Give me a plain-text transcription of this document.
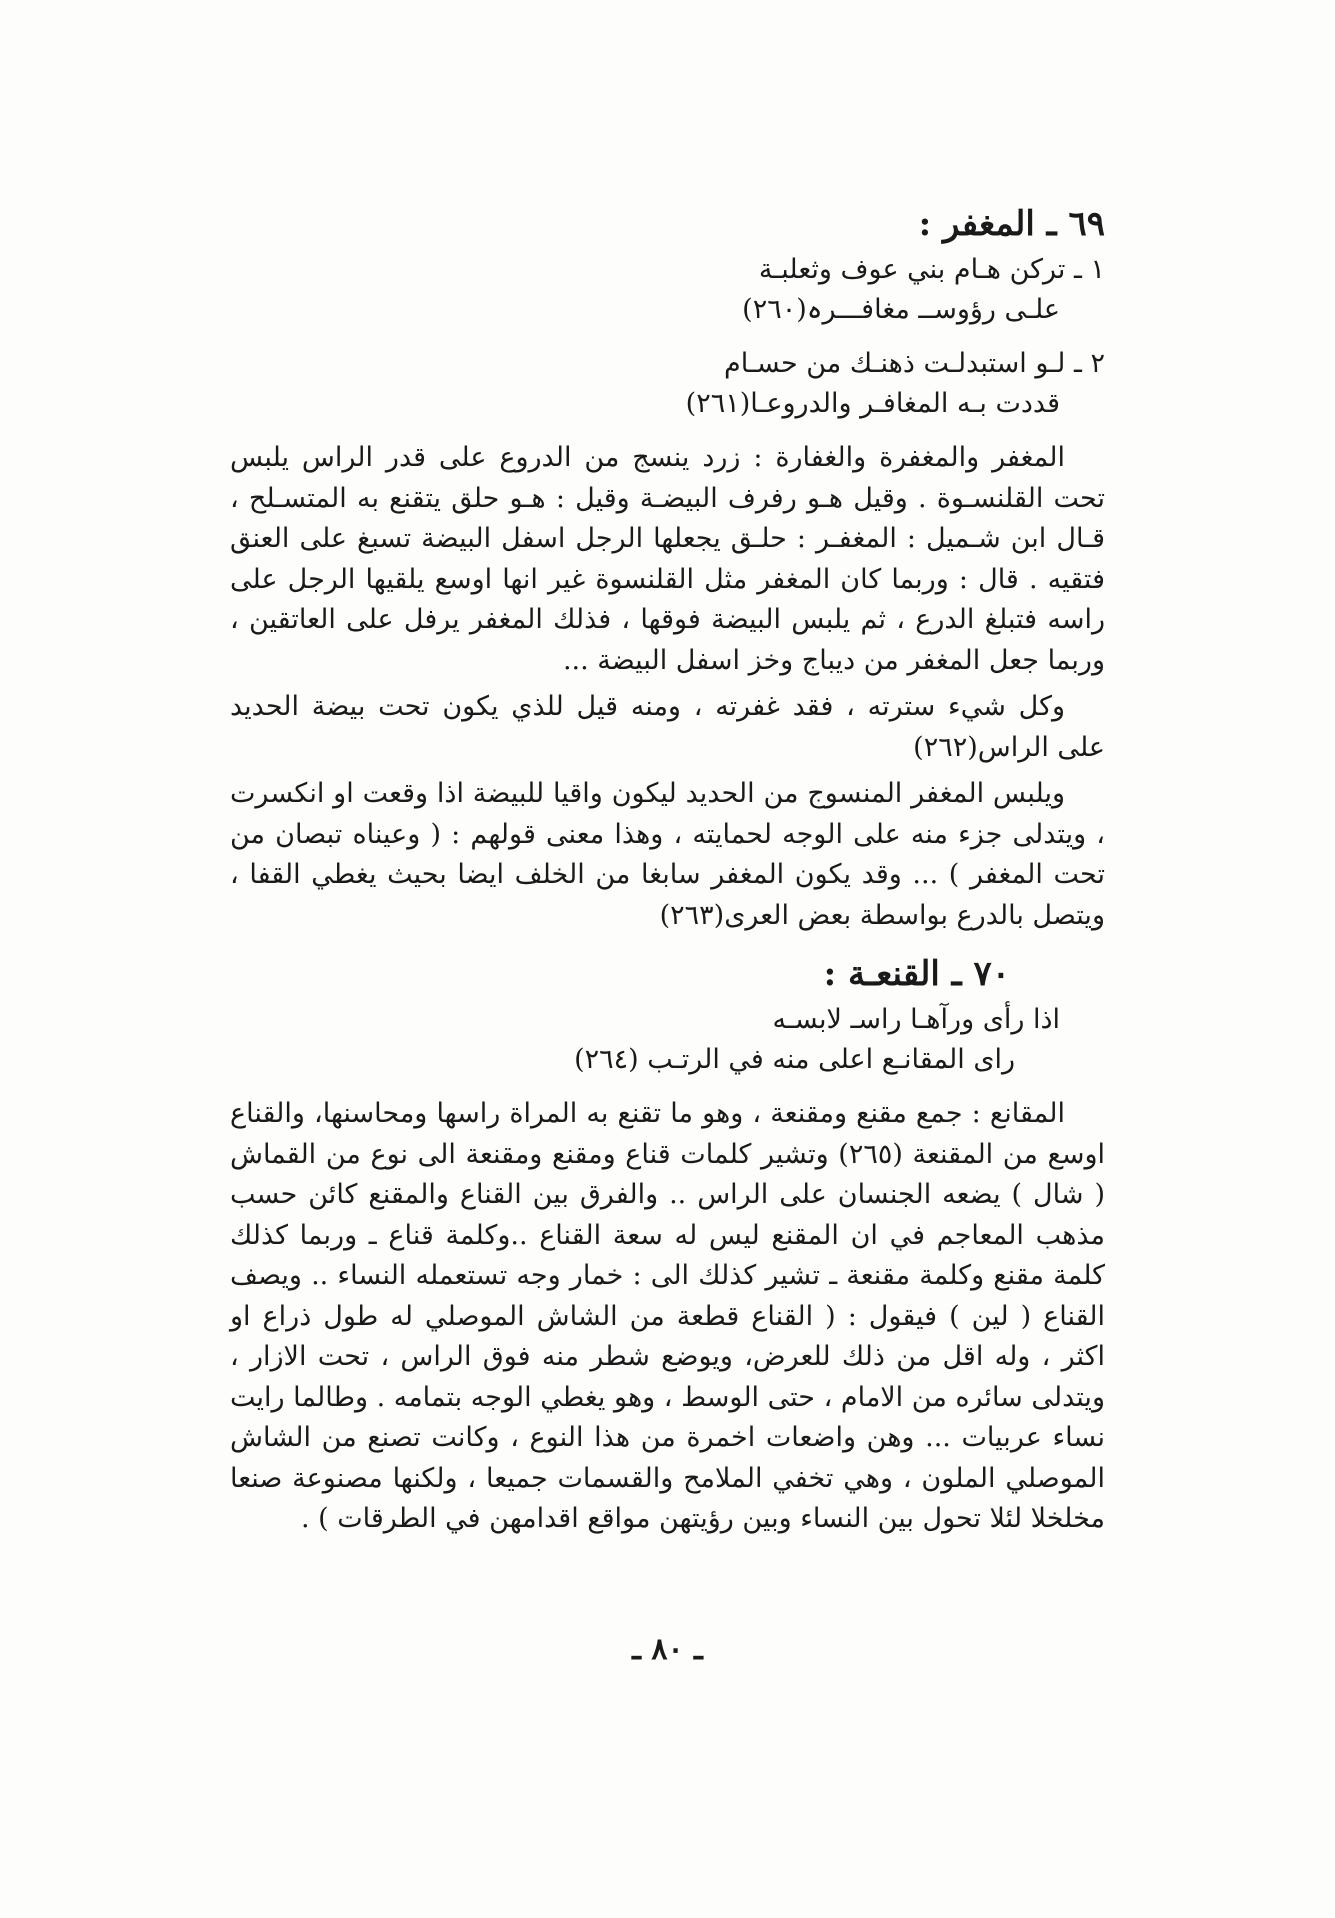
٦٩ ـ المغفر :
١ ـ تركن هـام بني عوف وثعلبـة
علـى رؤوســ مغافـــرہ(٢٦٠)
٢ ـ لـو استبدلـت ذهنـك من حسـام
قددت بـه المغافـر والدروعـا(٢٦١)

المغفر والمغفرة والغفارة : زرد ينسج من الدروع على قدر الراس يلبس تحت القلنسـوة . وقيل هـو رفرف البيضـة وقيل : هـو حلق يتقنع به المتسـلح ، قـال ابن شـميل : المغفـر : حلـق يجعلها الرجل اسفل البيضة تسبغ على العنق فتقيه . قال : وربما كان المغفر مثل القلنسوة غير انها اوسع يلقيها الرجل على راسه فتبلغ الدرع ، ثم يلبس البيضة فوقها ، فذلك المغفر يرفل على العاتقين ، وربما جعل المغفر من ديباج وخز اسفل البيضة ...

وكل شيء سترته ، فقد غفرته ، ومنه قيل للذي يكون تحت بيضة الحديد على الراس(٢٦٢)

ويلبس المغفر المنسوج من الحديد ليكون واقيا للبيضة اذا وقعت او انكسرت ، ويتدلى جزء منه على الوجه لحمايته ، وهذا معنى قولهم : ( وعيناه تبصان من تحت المغفر ) ... وقد يكون المغفر سابغا من الخلف ايضا بحيث يغطي القفا ، ويتصل بالدرع بواسطة بعض العرى(٢٦٣)

٧٠ ـ القنعـة :
اذا رأى ورآهـا راسـ لابسـه
راى المقانـع اعلى منه في الرتـب (٢٦٤)

المقانع : جمع مقنع ومقنعة ، وهو ما تقنع به المراة راسها ومحاسنها، والقناع اوسع من المقنعة (٢٦٥) وتشير كلمات قناع ومقنع ومقنعة الى نوع من القماش ( شال ) يضعه الجنسان على الراس .. والفرق بين القناع والمقنع كائن حسب مذهب المعاجم في ان المقنع ليس له سعة القناع ..وكلمة قناع ـ وربما كذلك كلمة مقنع وكلمة مقنعة ـ تشير كذلك الى : خمار وجه تستعمله النساء .. ويصف القناع ( لين ) فيقول : ( القناع قطعة من الشاش الموصلي له طول ذراع او اكثر ، وله اقل من ذلك للعرض، ويوضع شطر منه فوق الراس ، تحت الازار ، ويتدلى سائره من الامام ، حتى الوسط ، وهو يغطي الوجه بتمامه . وطالما رايت نساء عربيات ... وهن واضعات اخمرة من هذا النوع ، وكانت تصنع من الشاش الموصلي الملون ، وهي تخفي الملامح والقسمات جميعا ، ولكنها مصنوعة صنعا مخلخلا لئلا تحول بين النساء وبين رؤيتهن مواقع اقدامهن في الطرقات ) .

ـ ٨٠ ـ
